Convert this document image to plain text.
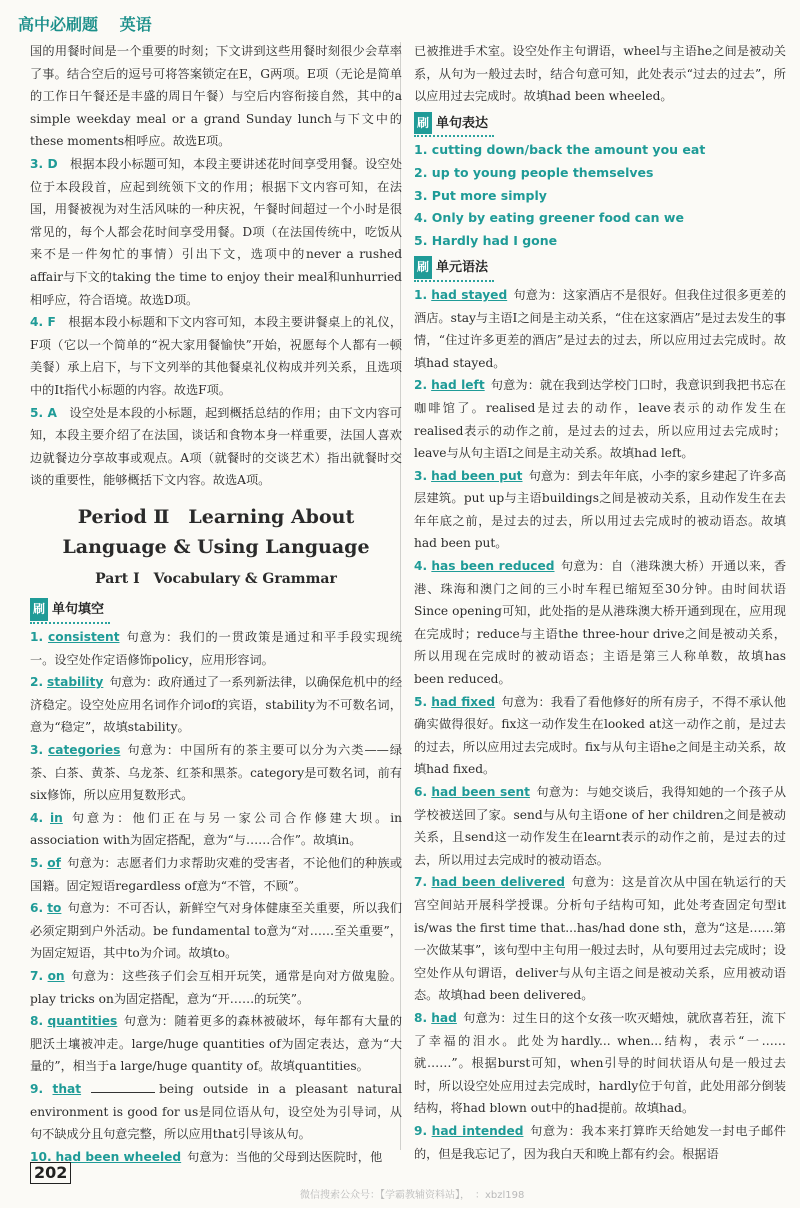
高中必刷题 英语

国的用餐时间是一个重要的时刻；下文讲到这些用餐时刻很少会草率了事。结合空后的逗号可将答案锁定在E，G两项。E项（无论是简单的工作日午餐还是丰盛的周日午餐）与空后内容衔接自然，其中的a simple weekday meal or a grand Sunday lunch与下文中的these moments相呼应。故选E项。

3. D　 根据本段小标题可知，本段主要讲述花时间享受用餐。设空处位于本段段首，应起到统领下文的作用；根据下文内容可知，在法国，用餐被视为对生活风味的一种庆祝，午餐时间超过一个小时是很常见的，每个人都会花时间享受用餐。D项（在法国传统中，吃饭从来不是一件匆忙的事情）引出下文，选项中的never a rushed affair与下文的taking the time to enjoy their meal和unhurried相呼应，符合语境。故选D项。

4. F　 根据本段小标题和下文内容可知，本段主要讲餐桌上的礼仪，F项（它以一个简单的“祝大家用餐愉快”开始，祝愿每个人都有一顿美餐）承上启下，与下文列举的其他餐桌礼仪构成并列关系，且选项中的It指代小标题的内容。故选F项。

5. A　 设空处是本段的小标题，起到概括总结的作用；由下文内容可知，本段主要介绍了在法国，谈话和食物本身一样重要，法国人喜欢边就餐边分享故事或观点。A项（就餐时的交谈艺术）指出就餐时交谈的重要性，能够概括下文内容。故选A项。

Period Ⅱ　Learning About Language & Using Language
Part Ⅰ　Vocabulary & Grammar
刷 单句填空

1. consistent 句意为：我们的一贯政策是通过和平手段实现统一。设空处作定语修饰policy，应用形容词。

2. stability 句意为：政府通过了一系列新法律，以确保危机中的经济稳定。设空处应用名词作介词of的宾语，stability为不可数名词，意为“稳定”，故填stability。

3. categories 句意为：中国所有的茶主要可以分为六类——绿茶、白茶、黄茶、乌龙茶、红茶和黑茶。category是可数名词，前有six修饰，所以应用复数形式。

4. in 句意为：他们正在与另一家公司合作修建大坝。in association with为固定搭配，意为“与……合作”。故填in。

5. of 句意为：志愿者们力求帮助灾难的受害者，不论他们的种族或国籍。固定短语regardless of意为“不管，不顾”。

6. to 句意为：不可否认，新鲜空气对身体健康至关重要，所以我们必须定期到户外活动。be fundamental to意为“对……至关重要”，为固定短语，其中to为介词。故填to。

7. on 句意为：这些孩子们会互相开玩笑，通常是向对方做鬼脸。play tricks on为固定搭配，意为“开……的玩笑”。

8. quantities 句意为：随着更多的森林被破坏，每年都有大量的肥沃土壤被冲走。large/huge quantities of为固定表达，意为“大量的”，相当于a large/huge quantity of。故填quantities。

9. that	being outside in a pleasant natural environment is good for us是同位语从句，设空处为引导词，从句不缺成分且句意完整，所以应用that引导该从句。

10. had been wheeled 句意为：当他的父母到达医院时，他

已被推进手术室。设空处作主句谓语，wheel与主语he之间是被动关系，从句为一般过去时，结合句意可知，此处表示“过去的过去”，所以应用过去完成时。故填had been wheeled。

刷 单句表达
1. cutting down/back the amount you eat
2. up to young people themselves
3. Put more simply
4. Only by eating greener food can we
5. Hardly had I gone
刷 单元语法

1. had stayed 句意为：这家酒店不是很好。但我住过很多更差的酒店。stay与主语I之间是主动关系，“住在这家酒店”是过去发生的事情，“住过许多更差的酒店”是过去的过去，所以应用过去完成时。故填had stayed。

2. had left 句意为：就在我到达学校门口时，我意识到我把书忘在咖啡馆了。realised是过去的动作，leave表示的动作发生在realised表示的动作之前，是过去的过去，所以应用过去完成时；leave与从句主语I之间是主动关系。故填had left。

3. had been put 句意为：到去年年底，小李的家乡建起了许多高层建筑。put up与主语buildings之间是被动关系，且动作发生在去年年底之前，是过去的过去，所以用过去完成时的被动语态。故填had been put。

4. has been reduced 句意为：自（港珠澳大桥）开通以来，香港、珠海和澳门之间的三小时车程已缩短至30分钟。由时间状语Since opening可知，此处指的是从港珠澳大桥开通到现在，应用现在完成时；reduce与主语the three-hour drive之间是被动关系，所以用现在完成时的被动语态；主语是第三人称单数，故填has been reduced。

5. had fixed 句意为：我看了看他修好的所有房子，不得不承认他确实做得很好。fix这一动作发生在looked at这一动作之前，是过去的过去，所以应用过去完成时。fix与从句主语he之间是主动关系，故填had fixed。

6. had been sent 句意为：与她交谈后，我得知她的一个孩子从学校被送回了家。send与从句主语one of her children之间是被动关系，且send这一动作发生在learnt表示的动作之前，是过去的过去，所以用过去完成时的被动语态。

7. had been delivered 句意为：这是首次从中国在轨运行的天宫空间站开展科学授课。分析句子结构可知，此处考查固定句型it is/was the first time that...has/had done sth，意为“这是……第一次做某事”，该句型中主句用一般过去时，从句要用过去完成时；设空处作从句谓语，deliver与从句主语之间是被动关系，应用被动语态。故填had been delivered。

8. had 句意为：过生日的这个女孩一吹灭蜡烛，就欣喜若狂，流下了幸福的泪水。此处为hardly... when...结构，表示“一……就……”。根据burst可知，when引导的时间状语从句是一般过去时，所以设空处应用过去完成时，hardly位于句首，此处用部分倒装结构，将had blown out中的had提前。故填had。

9. had intended 句意为：我本来打算昨天给她发一封电子邮件的，但是我忘记了，因为我白天和晚上都有约会。根据语

202
微信搜索公众号：【学霸教辅资料站】，　：xbzl198
